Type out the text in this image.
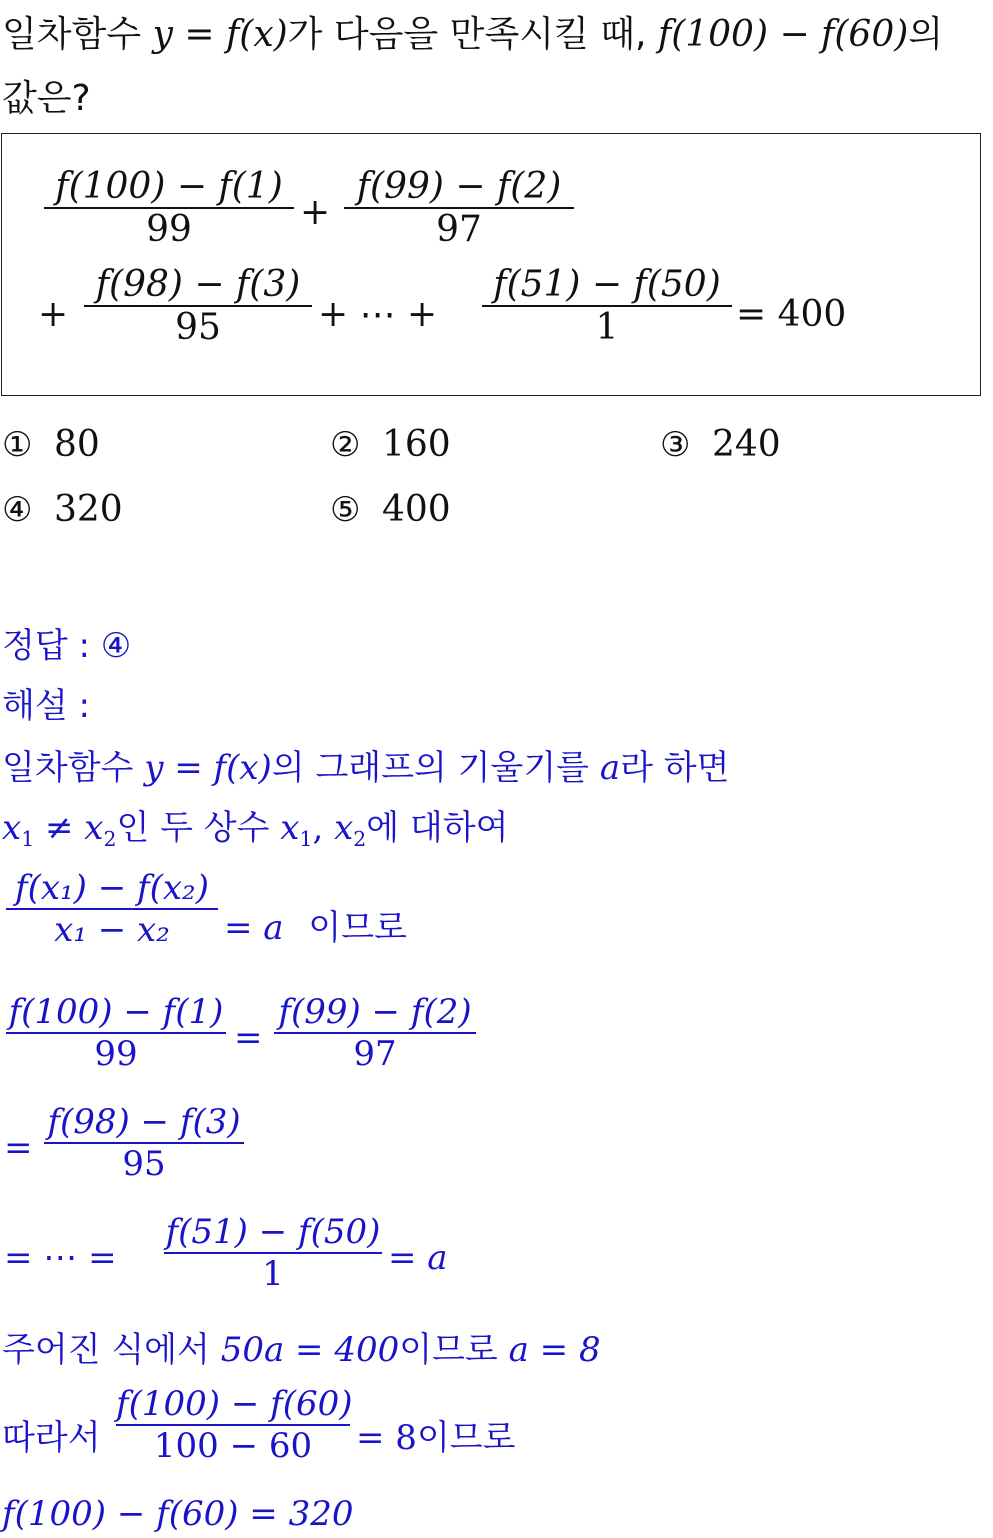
일차함수 y = f(x)가 다음을 만족시킬 때, f(100) − f(60)의
값은?
f(100) − f(1)
99	+
f(99) − f(2)
97
+
f(98) − f(3)
95	+ ⋯ +
f(51) − f(50)
1	= 400
① 80	② 160	③ 240
④ 320	⑤ 400
정답 : ④
해설 :
일차함수 y = f(x)의 그래프의 기울기를 a라 하면
$x_1 \ne x_2$인 두 상수 $x_1$, $x_2$에 대하여
f(x₁) − f(x₂)
x₁ − x₂	= a 이므로
f(100) − f(1)
99	=
f(99) − f(2)
97
=
f(98) − f(3)
95
= ⋯ =
f(51) − f(50)
1	= a
주어진 식에서 50a = 400이므로 a = 8
따라서
f(100) − f(60)
100 − 60	= 8이므로
f(100) − f(60) = 320
